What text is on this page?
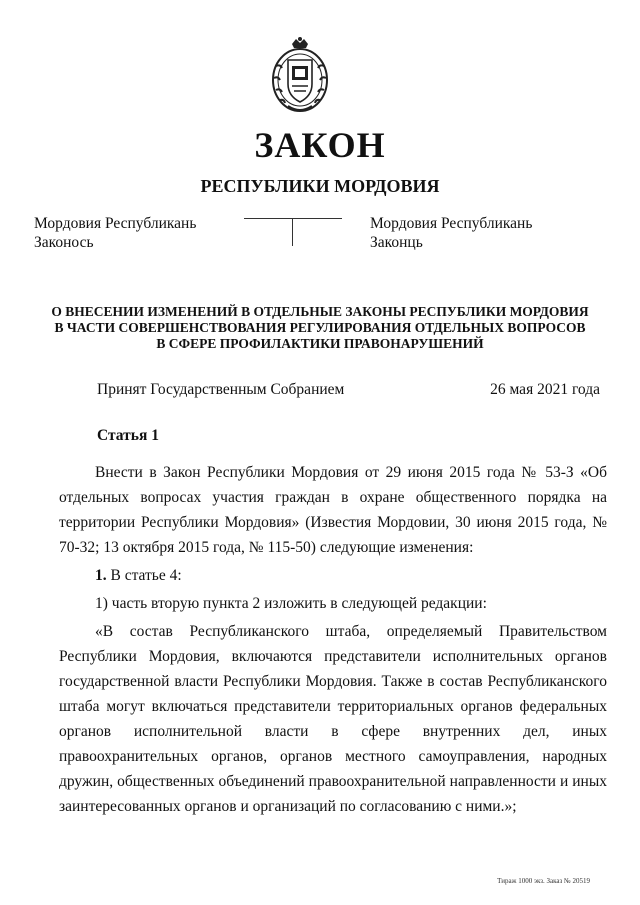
ЗАКОН
РЕСПУБЛИКИ МОРДОВИЯ
Мордовия Республикань
Законось
Мордовия Республикань
Законць
О ВНЕСЕНИИ ИЗМЕНЕНИЙ В ОТДЕЛЬНЫЕ ЗАКОНЫ РЕСПУБЛИКИ МОРДОВИЯ
В ЧАСТИ СОВЕРШЕНСТВОВАНИЯ РЕГУЛИРОВАНИЯ ОТДЕЛЬНЫХ ВОПРОСОВ
В СФЕРЕ ПРОФИЛАКТИКИ ПРАВОНАРУШЕНИЙ
Принят Государственным Собранием	26 мая 2021 года
Статья 1

Внести в Закон Республики Мордовия от 29 июня 2015 года № 53-З «Об отдельных вопросах участия граждан в охране общественного порядка на территории Республики Мордовия» (Известия Мордовии, 30 июня 2015 года, № 70-32; 13 октября 2015 года, № 115-50) следующие изменения:

1. В статье 4:

1) часть вторую пункта 2 изложить в следующей редакции:

«В состав Республиканского штаба, определяемый Правительством Республики Мордовия, включаются представители исполнительных органов государственной власти Республики Мордовия. Также в состав Республиканского штаба могут включаться представители территориальных органов федеральных органов исполнительной власти в сфере внутренних дел, иных правоохранительных органов, органов местного самоуправления, народных дружин, общественных объединений правоохранительной направленности и иных заинтересованных органов и организаций по согласованию с ними.»;

Тираж 1000 экз. Заказ № 20519
